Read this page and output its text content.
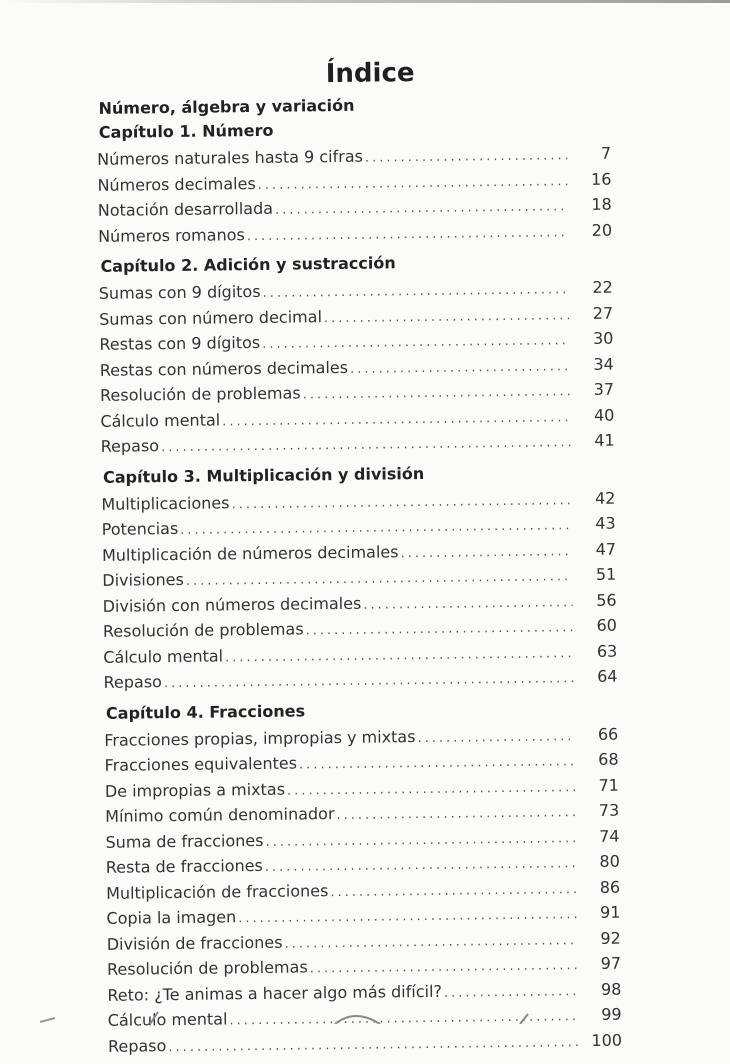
Índice
Número, álgebra y variación
Capítulo 1. Número
Números naturales hasta 9 cifras .....	7
Números decimales .....	16
Notación desarrollada .....	18
Números romanos .....	20
Capítulo 2. Adición y sustracción
Sumas con 9 dígitos .....	22
Sumas con número decimal .....	27
Restas con 9 dígitos .....	30
Restas con números decimales .....	34
Resolución de problemas .....	37
Cálculo mental .....	40
Repaso .....	41
Capítulo 3. Multiplicación y división
Multiplicaciones .....	42
Potencias .....	43
Multiplicación de números decimales .....	47
Divisiones .....	51
División con números decimales .....	56
Resolución de problemas .....	60
Cálculo mental .....	63
Repaso .....	64
Capítulo 4. Fracciones
Fracciones propias, impropias y mixtas .....	66
Fracciones equivalentes .....	68
De impropias a mixtas .....	71
Mínimo común denominador .....	73
Suma de fracciones .....	74
Resta de fracciones .....	80
Multiplicación de fracciones .....	86
Copia la imagen .....	91
División de fracciones .....	92
Resolución de problemas .....	97
Reto: ¿Te animas a hacer algo más difícil? .....	98
Cálculo mental .....	99
Repaso .....	100
